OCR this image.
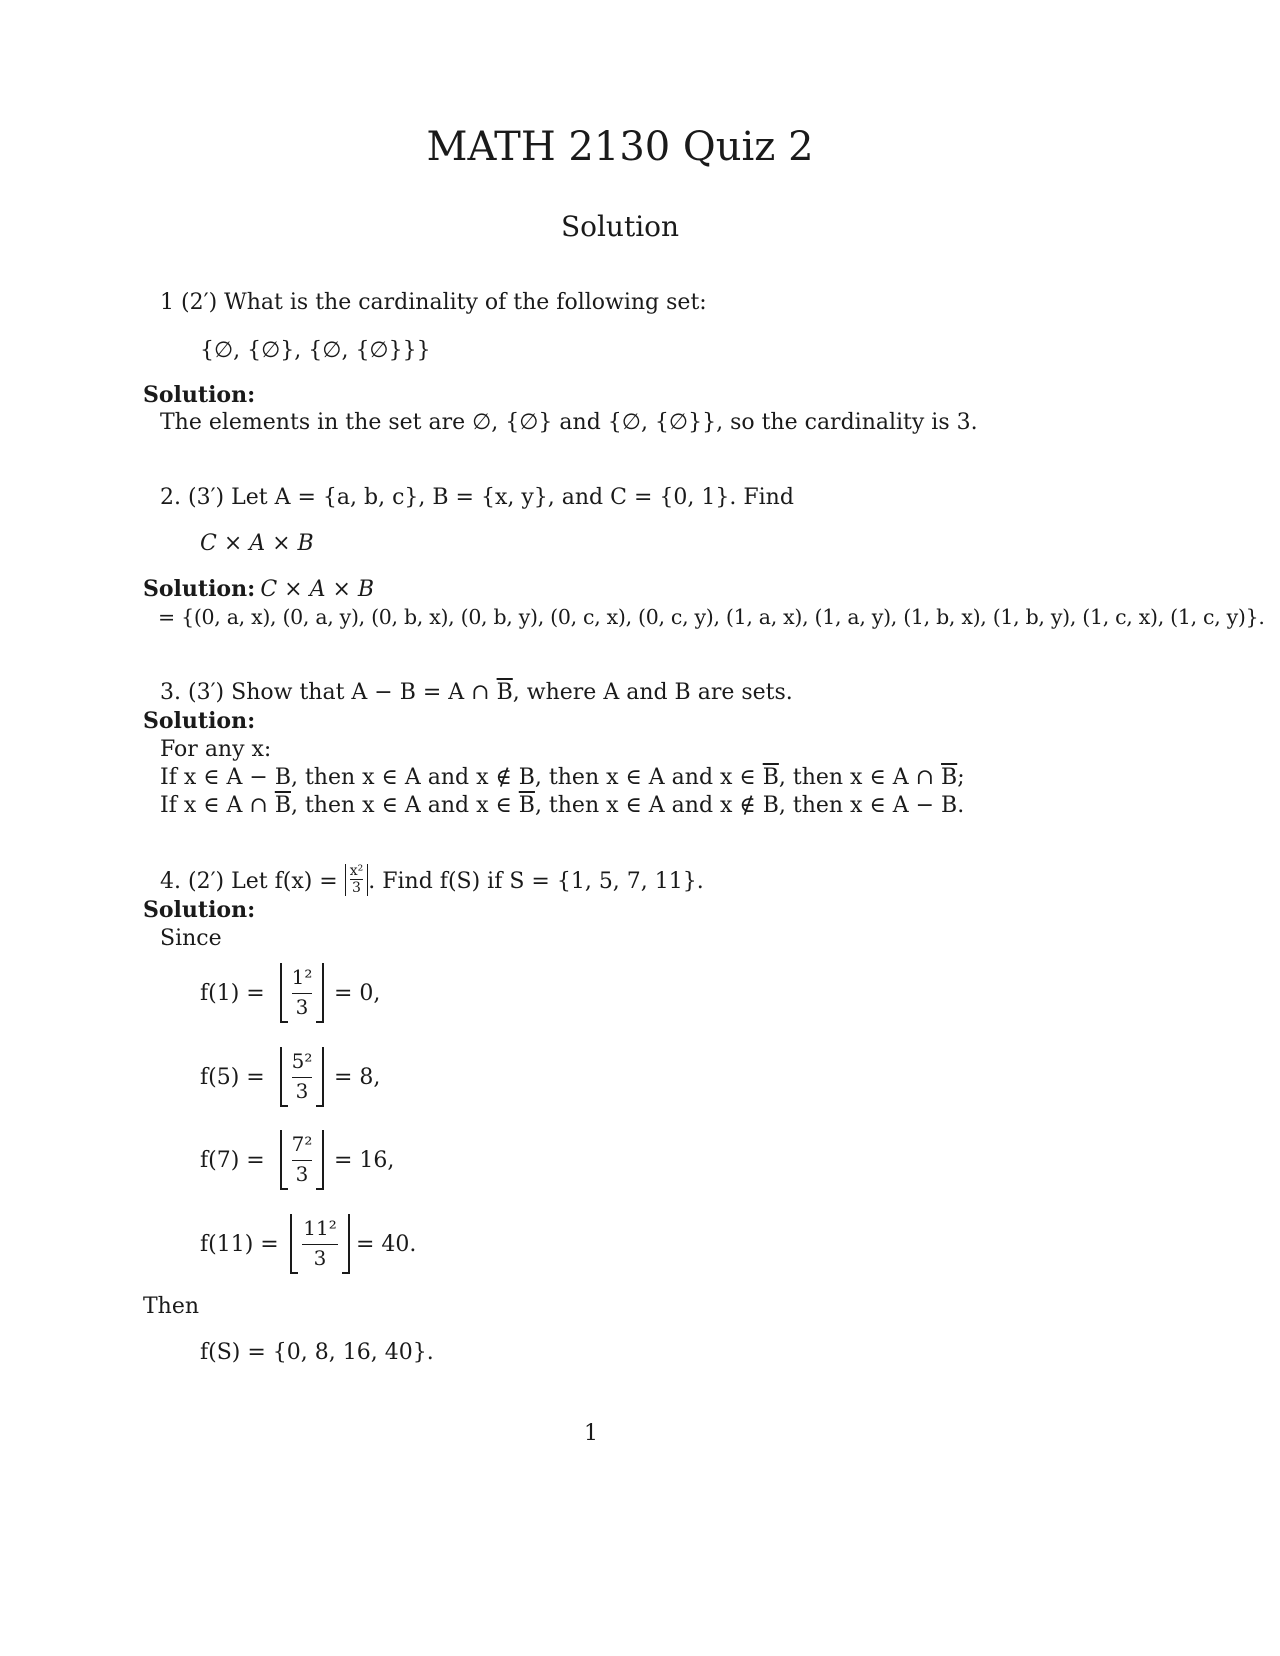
MATH 2130 Quiz 2
Solution
1 (2′) What is the cardinality of the following set:
{∅, {∅}, {∅, {∅}}}
Solution:
The elements in the set are ∅, {∅} and {∅, {∅}}, so the cardinality is 3.
2. (3′) Let A = {a, b, c}, B = {x, y}, and C = {0, 1}. Find
C × A × B
Solution: C × A × B
= {(0, a, x), (0, a, y), (0, b, x), (0, b, y), (0, c, x), (0, c, y), (1, a, x), (1, a, y), (1, b, x), (1, b, y), (1, c, x), (1, c, y)}.
3. (3′) Show that A − B = A ∩ $\overline{B}$, where A and B are sets.
Solution:
For any x:
If x ∈ A − B, then x ∈ A and x ∉ B, then x ∈ A and x ∈ $\overline{B}$, then x ∈ A ∩ $\overline{B}$;
If x ∈ A ∩ $\overline{B}$, then x ∈ A and x ∈ $\overline{B}$, then x ∈ A and x ∉ B, then x ∈ A − B.
4. (2′) Let $f(x) = \frac{\text{x²}}{3}$. Find f(S) if S = {1, 5, 7, 11}.
Solution:
Since
f(1) =
1²
3
= 0,
f(5) =
5²
3
= 8,
f(7) =
7²
3
= 16,
f(11) =
11²
3
= 40.
Then
f(S) = {0, 8, 16, 40}.
1
